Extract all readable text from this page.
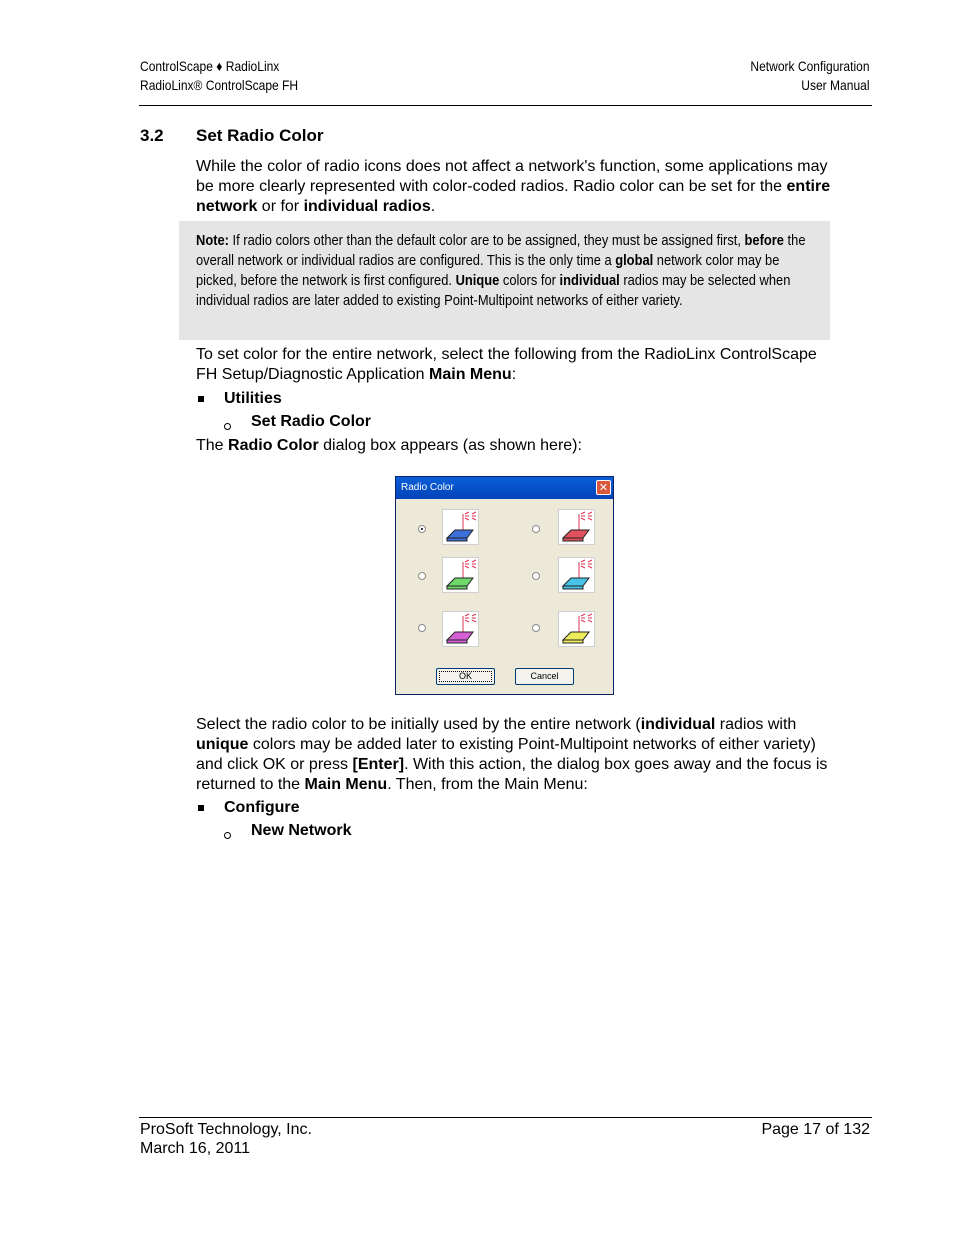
ControlScape ♦ RadioLinx
RadioLinx® ControlScape FH
Network Configuration
User Manual
3.2 Set Radio Color
While the color of radio icons does not affect a network's function, some applications may be more clearly represented with color-coded radios. Radio color can be set for the entire network or for individual radios.
Note: If radio colors other than the default color are to be assigned, they must be assigned first, before the overall network or individual radios are configured. This is the only time a global network color may be picked, before the network is first configured. Unique colors for individual radios may be selected when individual radios are later added to existing Point-Multipoint networks of either variety.
To set color for the entire network, select the following from the RadioLinx ControlScape FH Setup/Diagnostic Application Main Menu:
Utilities
Set Radio Color
The Radio Color dialog box appears (as shown here):
Radio Color	✕
OK	Cancel
Select the radio color to be initially used by the entire network (individual radios with unique colors may be added later to existing Point-Multipoint networks of either variety) and click OK or press [Enter]. With this action, the dialog box goes away and the focus is returned to the Main Menu. Then, from the Main Menu:
Configure
New Network
ProSoft Technology, Inc.
March 16, 2011
Page 17 of 132
